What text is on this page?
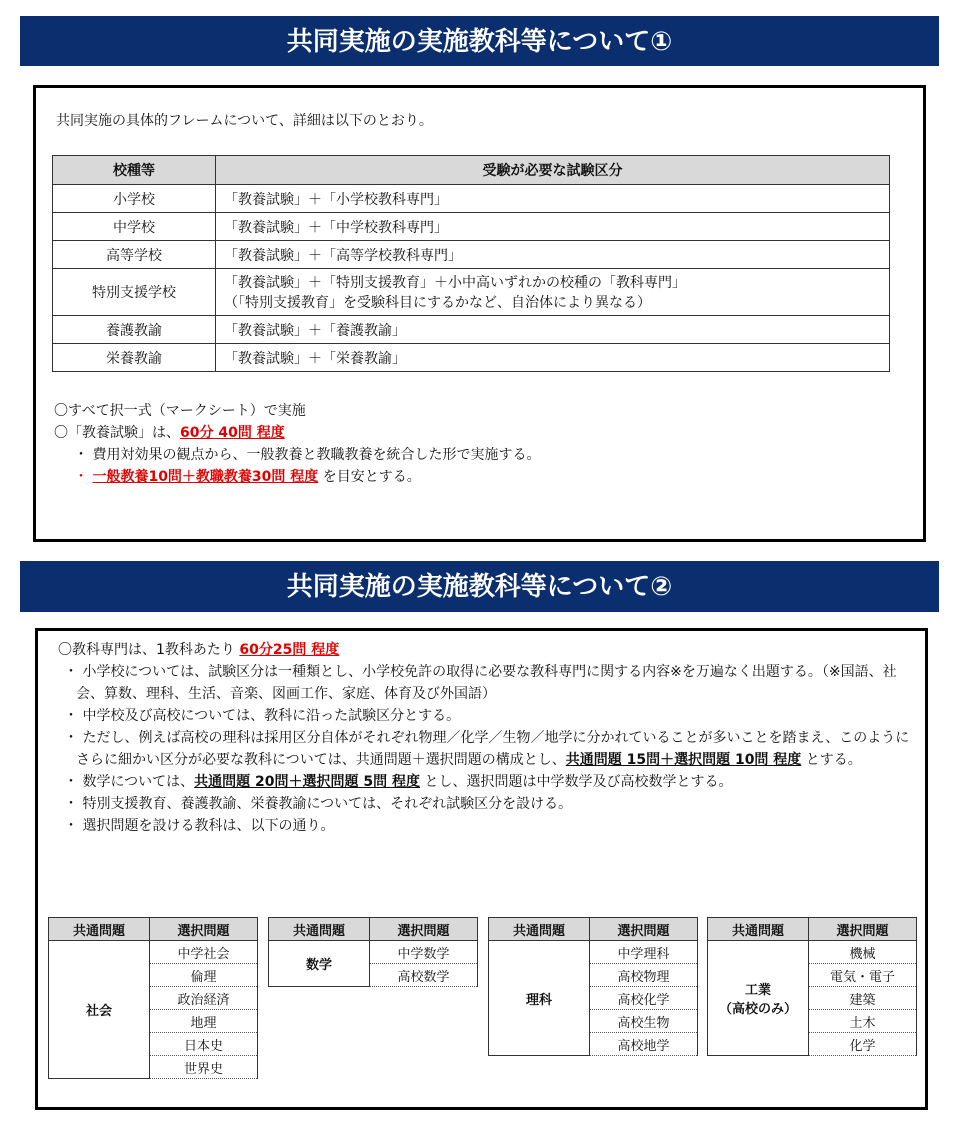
共同実施の実施教科等について①
共同実施の具体的フレームについて、詳細は以下のとおり。
校種等	受験が必要な試験区分
小学校	「教養試験」＋「小学校教科専門」
中学校	「教養試験」＋「中学校教科専門」
高等学校	「教養試験」＋「高等学校教科専門」
特別支援学校	「教養試験」＋「特別支援教育」＋小中高いずれかの校種の「教科専門」
（「特別支援教育」を受験科目にするかなど、自治体により異なる）

養護教諭	「教養試験」＋「養護教諭」
栄養教諭	「教養試験」＋「栄養教諭」
〇すべて択一式（マークシート）で実施
〇「教養試験」は、60分 40問 程度
・ 費用対効果の観点から、一般教養と教職教養を統合した形で実施する。
・ 一般教養10問＋教職教養30問 程度 を目安とする。
共同実施の実施教科等について②
〇教科専門は、1教科あたり 60分25問 程度
・ 小学校については、試験区分は一種類とし、小学校免許の取得に必要な教科専門に関する内容※を万遍なく出題する。（※国語、社会、算数、理科、生活、音楽、図画工作、家庭、体育及び外国語）
・ 中学校及び高校については、教科に沿った試験区分とする。
・ ただし、例えば高校の理科は採用区分自体がそれぞれ物理／化学／生物／地学に分かれていることが多いことを踏まえ、このようにさらに細かい区分が必要な教科については、共通問題＋選択問題の構成とし、共通問題 15問＋選択問題 10問 程度 とする。
・ 数学については、共通問題 20問＋選択問題 5問 程度 とし、選択問題は中学数学及び高校数学とする。
・ 特別支援教育、養護教諭、栄養教諭については、それぞれ試験区分を設ける。
・ 選択問題を設ける教科は、以下の通り。
共通問題	選択問題
社会	中学社会
	倫理
	政治経済
	地理
	日本史
	世界史
共通問題	選択問題
数学	中学数学
	高校数学
共通問題	選択問題
理科	中学理科
	高校物理
	高校化学
	高校生物
	高校地学
共通問題	選択問題

工業
（高校のみ）	機械
	電気・電子
	建築
	土木
	化学
